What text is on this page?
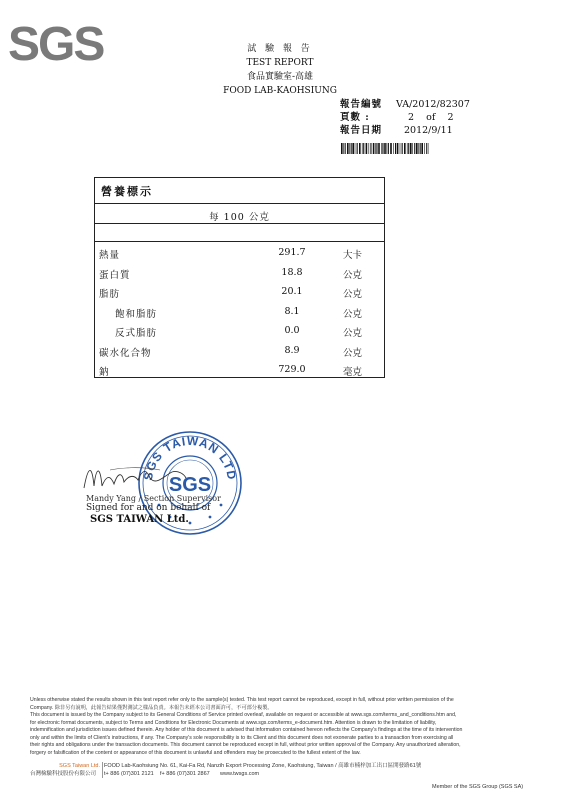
SGS	試 驗 報 告
TEST REPORT
食品實驗室-高雄
FOOD LAB-KAOHSIUNG
報告編號	VA/2012/82307
頁數 :	2    of    2
報告日期	2012/9/11
營養標示
每 100 公克
熱量	291.7	大卡
蛋白質	18.8	公克
脂肪	20.1	公克
飽和脂肪	8.1	公克
反式脂肪	0.0	公克
碳水化合物	8.9	公克
鈉	729.0	毫克
SGS TAIWAN LTD
SGS
Mandy Yang / Section Supervisor
Signed for and on behalf of
SGS TAIWAN Ltd.
Unless otherwise stated the results shown in this test report refer only to the sample(s) tested. This test report cannot be reproduced, except in full, without prior written permission of the
Company. 除非另有說明，此報告結果僅對測試之樣品負責。本報告未經本公司書面許可，不可部分複製。
This document is issued by the Company subject to its General Conditions of Service printed overleaf, available on request or accessible at www.sgs.com/terms_and_conditions.htm and,
for electronic format documents, subject to Terms and Conditions for Electronic Documents at www.sgs.com/terms_e-document.htm. Attention is drawn to the limitation of liability,
indemnification and jurisdiction issues defined therein. Any holder of this document is advised that information contained hereon reflects the Company's findings at the time of its intervention
only and within the limits of Client's instructions, if any. The Company's sole responsibility is to its Client and this document does not exonerate parties to a transaction from exercising all
their rights and obligations under the transaction documents. This document cannot be reproduced except in full, without prior written approval of the Company. Any unauthorized alteration,
forgery or falsification of the content or appearance of this document is unlawful and offenders may be prosecuted to the fullest extent of the law.
SGS Taiwan Ltd.
台灣檢驗科技股份有限公司
FOOD Lab-Kaohsiung No. 61, Kai-Fa Rd, Nanzih Export Processing Zone, Kaohsiung, Taiwan / 高雄市楠梓加工出口區開發路61號
t+ 886 (07)301 2121 f+ 886 (07)301 2867 www.twsgs.com
Member of the SGS Group (SGS SA)
